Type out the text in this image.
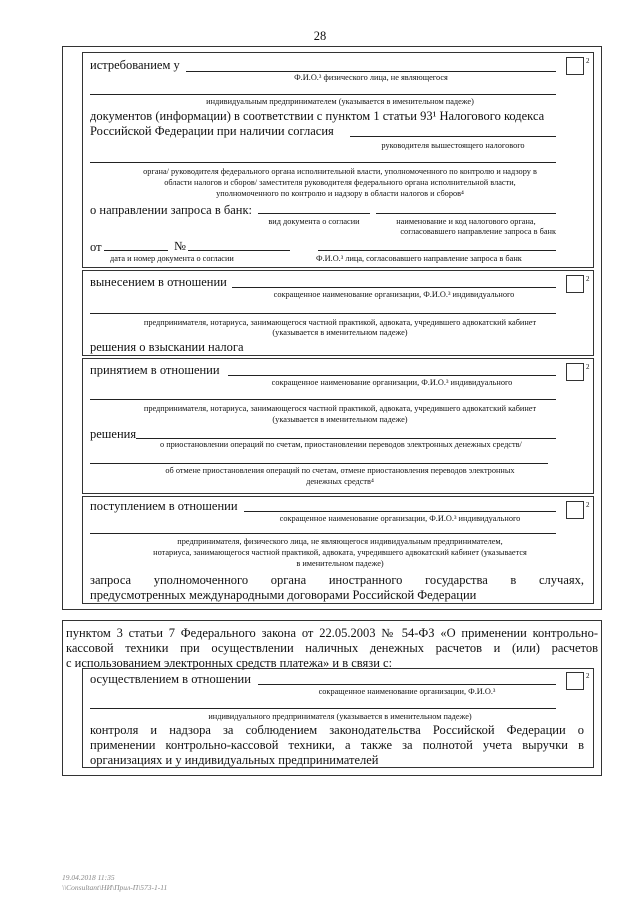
28
2
истребованием у
Ф.И.О.³ физического лица, не являющегося
индивидуальным предпринимателем (указывается в именительном падеже)
документов (информации) в соответствии с пунктом 1 статьи 93¹ Налогового кодекса
Российской Федерации при наличии согласия
руководителя вышестоящего налогового
органа/ руководителя федерального органа исполнительной власти, уполномоченного по контролю и надзору в
области налогов и сборов/ заместителя руководителя федерального органа исполнительной власти,
уполномоченного по контролю и надзору в области налогов и сборов⁴
о направлении запроса в банк:
вид документа о согласии	наименование и код налогового органа,
согласовавшего направление запроса в банк
от	№
дата и номер документа о согласии	Ф.И.О.³ лица, согласовавшего направление запроса в банк
2
вынесением в отношении
сокращенное наименование организации, Ф.И.О.³ индивидуального
предпринимателя, нотариуса, занимающегося частной практикой, адвоката, учредившего адвокатский кабинет
(указывается в именительном падеже)
решения о взыскании налога
2
принятием в отношении
сокращенное наименование организации, Ф.И.О.³ индивидуального
предпринимателя, нотариуса, занимающегося частной практикой, адвоката, учредившего адвокатский кабинет
(указывается в именительном падеже)
решения
о приостановлении операций по счетам, приостановлении переводов электронных денежных средств/
об отмене приостановления операций по счетам, отмене приостановления переводов электронных
денежных средств⁴
2
поступлением в отношении
сокращенное наименование организации, Ф.И.О.³ индивидуального
предпринимателя, физического лица, не являющегося индивидуальным предпринимателем,
нотариуса, занимающегося частной практикой, адвоката, учредившего адвокатский кабинет (указывается
в именительном падеже)
запроса уполномоченного органа иностранного государства в случаях,
предусмотренных международными договорами Российской Федерации
пунктом 3 статьи 7 Федерального закона от 22.05.2003 № 54-ФЗ «О применении контрольно-
кассовой техники при осуществлении наличных денежных расчетов и (или) расчетов
с использованием электронных средств платежа» и в связи с:
2
осуществлением в отношении
сокращенное наименование организации, Ф.И.О.³
индивидуального предпринимателя (указывается в именительном падеже)
контроля и надзора за соблюдением законодательства Российской Федерации о
применении контрольно-кассовой техники, а также за полнотой учета выручки в
организациях и у индивидуальных предпринимателей
19.04.2018 11:35
\\Consultant\НИ\Прил-П\573-1-11
